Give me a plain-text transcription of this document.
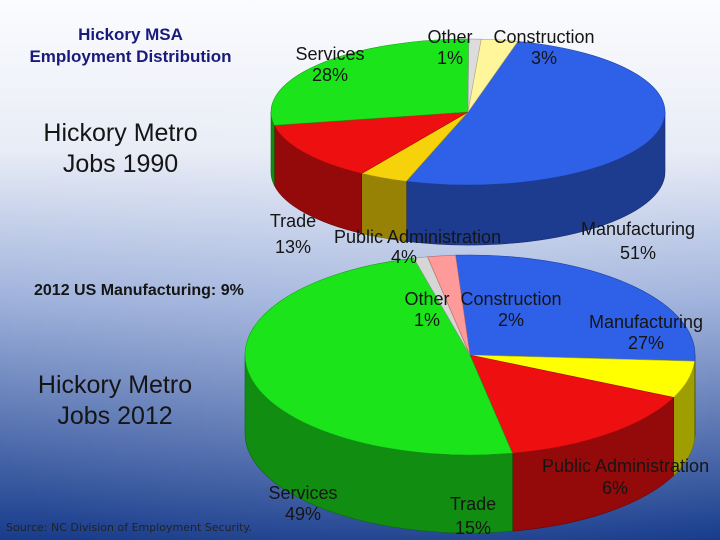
Hickory MSA
Employment Distribution
Hickory Metro
Jobs 1990
Services
28%
Other
1%
Construction
3%
Trade
13%
Manufacturing
51%
Public Administration
4%
2012 US Manufacturing: 9%	Other
1%
Construction
2%	Manufacturing
27%
Hickory Metro
Jobs 2012
Services
49%	Trade
15%
Public Administration
6%
Source: NC Division of Employment Security.
